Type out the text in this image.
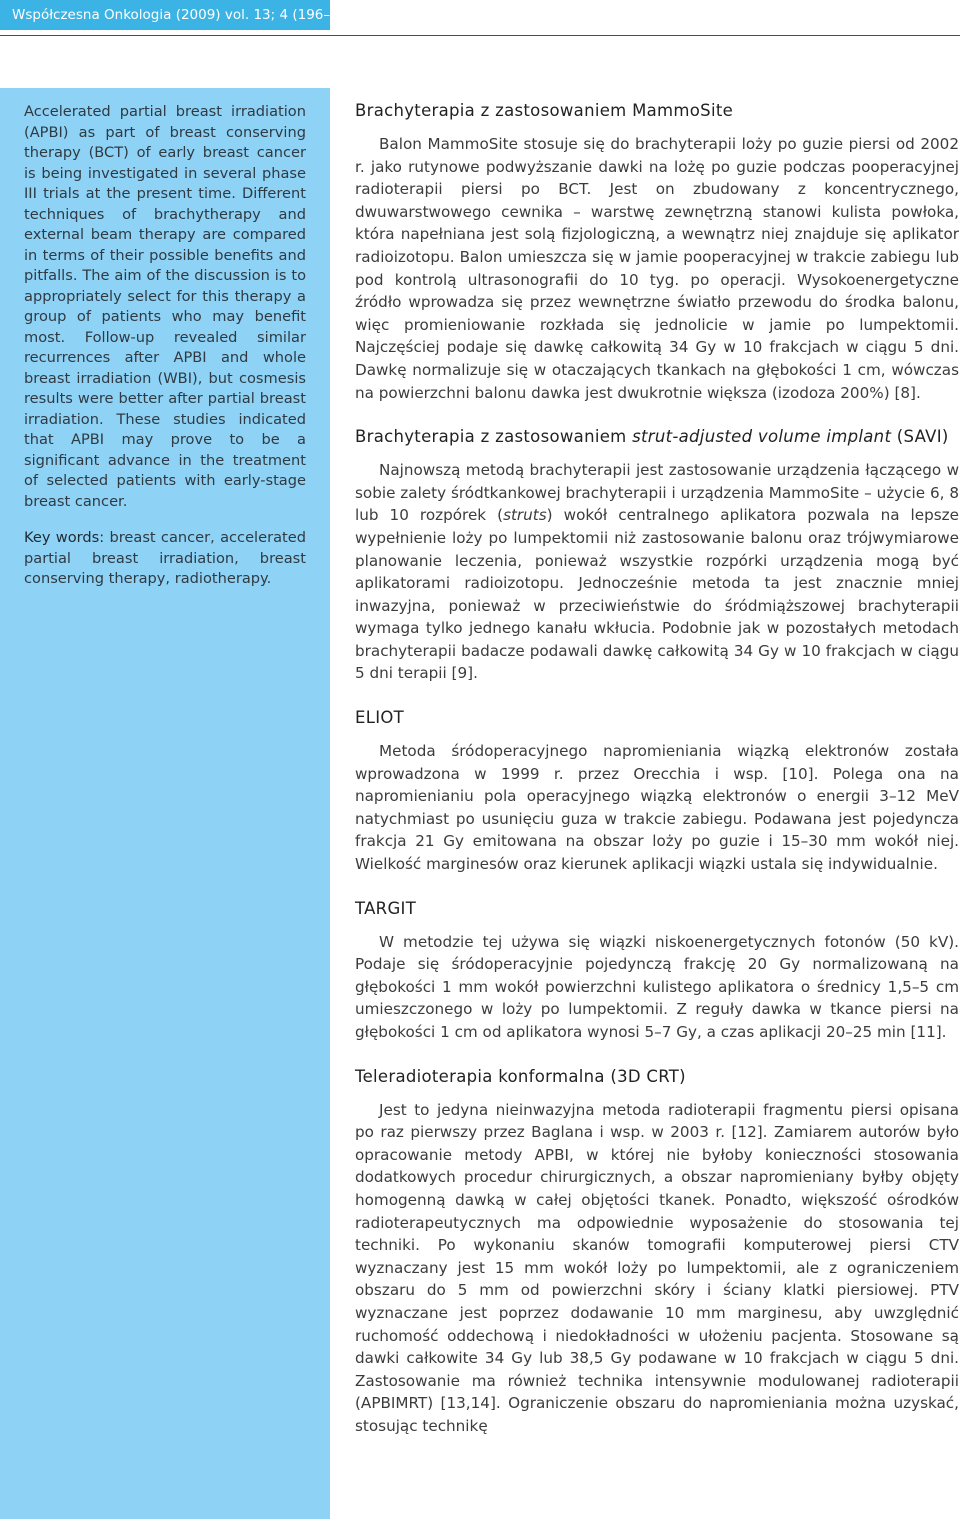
Współczesna Onkologia (2009) vol. 13; 4 (196–200)

Accelerated partial breast irradiation (APBI) as part of breast conserving therapy (BCT) of early breast cancer is being investigated in several phase III trials at the present time. Different techniques of brachytherapy and external beam therapy are compared in terms of their possible benefits and pitfalls. The aim of the discussion is to appropriately select for this therapy a group of patients who may benefit most. Follow-up revealed similar recurrences after APBI and whole breast irradiation (WBI), but cosmesis results were better after partial breast irradiation. These studies indicated that APBI may prove to be a significant advance in the treatment of selected patients with early-stage breast cancer.

Key words: breast cancer, accelerated partial breast irradiation, breast conserving therapy, radiotherapy.

Brachyterapia z zastosowaniem MammoSite

Balon MammoSite stosuje się do brachyterapii loży po guzie piersi od 2002 r. jako rutynowe podwyższanie dawki na lożę po guzie podczas pooperacyjnej radioterapii piersi po BCT. Jest on zbudowany z koncentrycznego, dwuwarstwowego cewnika – warstwę zewnętrzną stanowi kulista powłoka, która napełniana jest solą fizjologiczną, a wewnątrz niej znajduje się aplikator radioizotopu. Balon umieszcza się w jamie pooperacyjnej w trakcie zabiegu lub pod kontrolą ultrasonografii do 10 tyg. po operacji. Wysokoenergetyczne źródło wprowadza się przez wewnętrzne światło przewodu do środka balonu, więc promieniowanie rozkłada się jednolicie w jamie po lumpektomii. Najczęściej podaje się dawkę całkowitą 34 Gy w 10 frakcjach w ciągu 5 dni. Dawkę normalizuje się w otaczających tkankach na głębokości 1 cm, wówczas na powierzchni balonu dawka jest dwukrotnie większa (izodoza 200%) [8].

Brachyterapia z zastosowaniem strut-adjusted volume implant (SAVI)

Najnowszą metodą brachyterapii jest zastosowanie urządzenia łączącego w sobie zalety śródtkankowej brachyterapii i urządzenia MammoSite – użycie 6, 8 lub 10 rozpórek (struts) wokół centralnego aplikatora pozwala na lepsze wypełnienie loży po lumpektomii niż zastosowanie balonu oraz trójwymiarowe planowanie leczenia, ponieważ wszystkie rozpórki urządzenia mogą być aplikatorami radioizotopu. Jednocześnie metoda ta jest znacznie mniej inwazyjna, ponieważ w przeciwieństwie do śródmiąższowej brachyterapii wymaga tylko jednego kanału wkłucia. Podobnie jak w pozostałych metodach brachyterapii badacze podawali dawkę całkowitą 34 Gy w 10 frakcjach w ciągu 5 dni terapii [9].

ELIOT

Metoda śródoperacyjnego napromieniania wiązką elektronów została wprowadzona w 1999 r. przez Orecchia i wsp. [10]. Polega ona na napromienianiu pola operacyjnego wiązką elektronów o energii 3–12 MeV natychmiast po usunięciu guza w trakcie zabiegu. Podawana jest pojedyncza frakcja 21 Gy emitowana na obszar loży po guzie i 15–30 mm wokół niej. Wielkość marginesów oraz kierunek aplikacji wiązki ustala się indywidualnie.

TARGIT

W metodzie tej używa się wiązki niskoenergetycznych fotonów (50 kV). Podaje się śródoperacyjnie pojedynczą frakcję 20 Gy normalizowaną na głębokości 1 mm wokół powierzchni kulistego aplikatora o średnicy 1,5–5 cm umieszczonego w loży po lumpektomii. Z reguły dawka w tkance piersi na głębokości 1 cm od aplikatora wynosi 5–7 Gy, a czas aplikacji 20–25 min [11].

Teleradioterapia konformalna (3D CRT)

Jest to jedyna nieinwazyjna metoda radioterapii fragmentu piersi opisana po raz pierwszy przez Baglana i wsp. w 2003 r. [12]. Zamiarem autorów było opracowanie metody APBI, w której nie byłoby konieczności stosowania dodatkowych procedur chirurgicznych, a obszar napromieniany byłby objęty homogenną dawką w całej objętości tkanek. Ponadto, większość ośrodków radioterapeutycznych ma odpowiednie wyposażenie do stosowania tej techniki. Po wykonaniu skanów tomografii komputerowej piersi CTV wyznaczany jest 15 mm wokół loży po lumpektomii, ale z ograniczeniem obszaru do 5 mm od powierzchni skóry i ściany klatki piersiowej. PTV wyznaczane jest poprzez dodawanie 10 mm marginesu, aby uwzględnić ruchomość oddechową i niedokładności w ułożeniu pacjenta. Stosowane są dawki całkowite 34 Gy lub 38,5 Gy podawane w 10 frakcjach w ciągu 5 dni. Zastosowanie ma również technika intensywnie modulowanej radioterapii (APBIMRT) [13,14]. Ograniczenie obszaru do napromieniania można uzyskać, stosując technikę
